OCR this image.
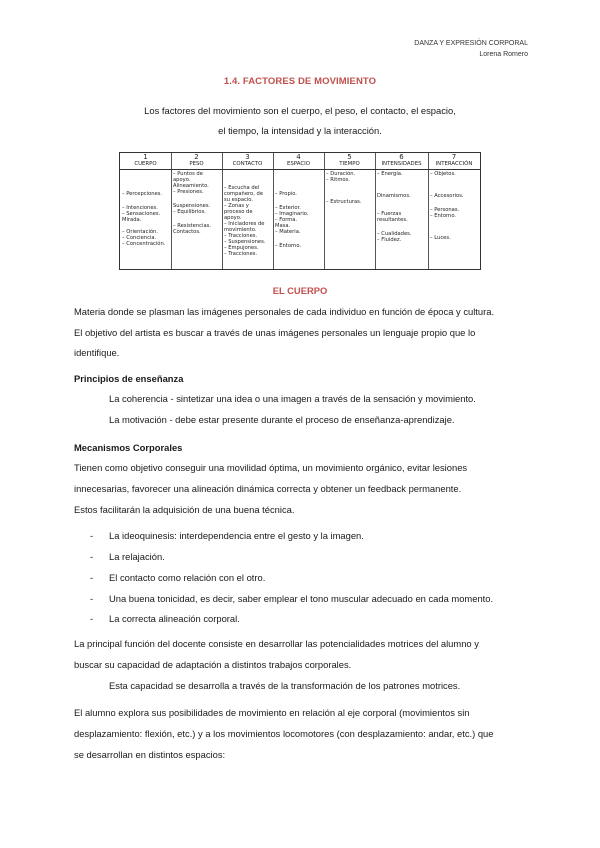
DANZA Y EXPRESIÓN CORPORAL
Lorena Romero
1.4. FACTORES DE MOVIMIENTO
Los factores del movimiento son el cuerpo, el peso, el contacto, el espacio,
el tiempo, la intensidad y la interacción.
1
CUERPO
– Percepciones.
– Intenciones.
– Sensaciones.
Mirada.
– Orientación.
– Conciencia.
– Concentración.
2
PESO
– Puntos de
apoyo.
Alineamiento.
– Presiones.
Suspensiones.
– Equilibrios.
– Resistencias.
Contactos.
3
CONTACTO
– Escucha del
compañero, de
su espacio.
– Zonas y
proceso de
apoyo.
– Iniciadores de
movimiento.
– Tracciones.
– Suspensiones.
– Empujones.
– Tracciones.
4
ESPACIO
– Propio.
– Exterior.
– Imaginario.
– Forma.
Masa.
– Materia.
– Entorno.
5
TIEMPO
– Duración.
– Ritmos.
– Estructuras.
6
INTENSIDADES
– Energía.
Dinamismos.
– Fuerzas
resultantes.
– Cualidades.
– Fluidez.
7
INTERACCIÓN
– Objetos.
– Accesorios.
– Personas.
– Entorno.
– Luces.
EL CUERPO
Materia donde se plasman las imágenes personales de cada individuo en función de época y cultura.
El objetivo del artista es buscar a través de unas imágenes personales un lenguaje propio que lo
identifique.
Principios de enseñanza
La coherencia - sintetizar una idea o una imagen a través de la sensación y movimiento.
La motivación - debe estar presente durante el proceso de enseñanza-aprendizaje.
Mecanismos Corporales
Tienen como objetivo conseguir una movilidad óptima, un movimiento orgánico, evitar lesiones
innecesarias, favorecer una alineación dinámica correcta y obtener un feedback permanente.
Estos facilitarán la adquisición de una buena técnica.
- La ideoquinesis: interdependencia entre el gesto y la imagen.
- La relajación.
- El contacto como relación con el otro.
- Una buena tonicidad, es decir, saber emplear el tono muscular adecuado en cada momento.
- La correcta alineación corporal.
La principal función del docente consiste en desarrollar las potencialidades motrices del alumno y
buscar su capacidad de adaptación a distintos trabajos corporales.
Esta capacidad se desarrolla a través de la transformación de los patrones motrices.
El alumno explora sus posibilidades de movimiento en relación al eje corporal (movimientos sin
desplazamiento: flexión, etc.) y a los movimientos locomotores (con desplazamiento: andar, etc.) que
se desarrollan en distintos espacios:
